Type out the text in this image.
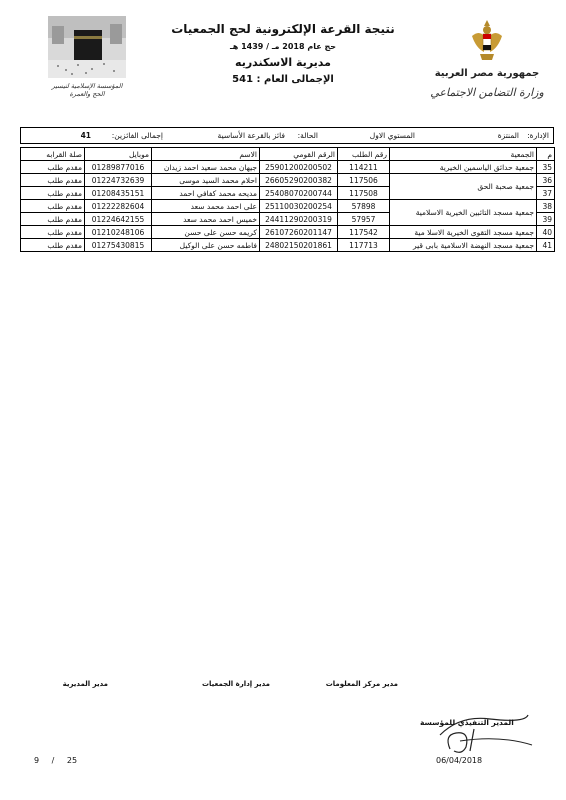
نتيجة القرعة الإلكترونية لحج الجمعيات
حج عام 2018 مـ / 1439 هـ
مديرية الاسكندريه
الإجمالى العام : 541
جمهورية مصر العربية
وزارة التضامن الاجتماعي
المؤسسة الإسلامية لتيسير الحج والعمرة
الإدارة:
المنتزة
المستوي الاول
الحالة:
فائز بالقرعة الأساسية
إجمالى الفائزين:
41
م	الجمعية	رقم الطلب	الرقم القومي	الاسم	موبايل	صلة القرابه
35	جمعية حدائق الياسمين الخيرية	114211	25901200200502	جيهان محمد سعيد احمد زيدان	01289877016	مقدم طلب
36	جمعية صحبة الحق	117506	26605290200382	احلام محمد السيد موسى	01224732639	مقدم طلب
37		117508	25408070200744	مديحه محمد كفافي احمد	01208435151	مقدم طلب
38	جمعية مسجد التائبين الخيرية الاسلامية	57898	25110030200254	على احمد محمد سعد	01222282604	مقدم طلب
39		57957	24411290200319	خميس احمد محمد سعد	01224642155	مقدم طلب
40	جمعية مسجد التقوى الخيرية الاسلا مية	117542	26107260201147	كريمه حسن على حسن	01210248106	مقدم طلب
41	جمعية مسجد النهضة الاسلامية بابى قير	117713	24802150201861	فاطمه حسن على الوكيل	01275430815	مقدم طلب
مدير مركز المعلومات
مدير إدارة الجمعيات
مدير المديرية
المدير التنفيذي للمؤسسة
06/04/2018
9 / 25
